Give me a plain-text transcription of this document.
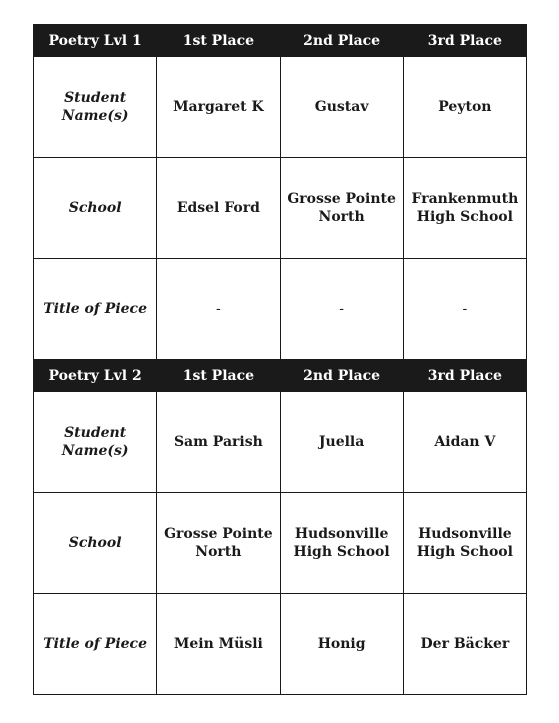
Poetry Lvl 1	1st Place	2nd Place	3rd Place
Student Name(s)	Margaret K	Gustav	Peyton
School	Edsel Ford	Grosse Pointe North	Frankenmuth High School
Title of Piece	-	-	-
Poetry Lvl 2	1st Place	2nd Place	3rd Place
Student Name(s)	Sam Parish	Juella	Aidan V
School	Grosse Pointe North	Hudsonville High School	Hudsonville High School
Title of Piece	Mein Müsli	Honig	Der Bäcker
